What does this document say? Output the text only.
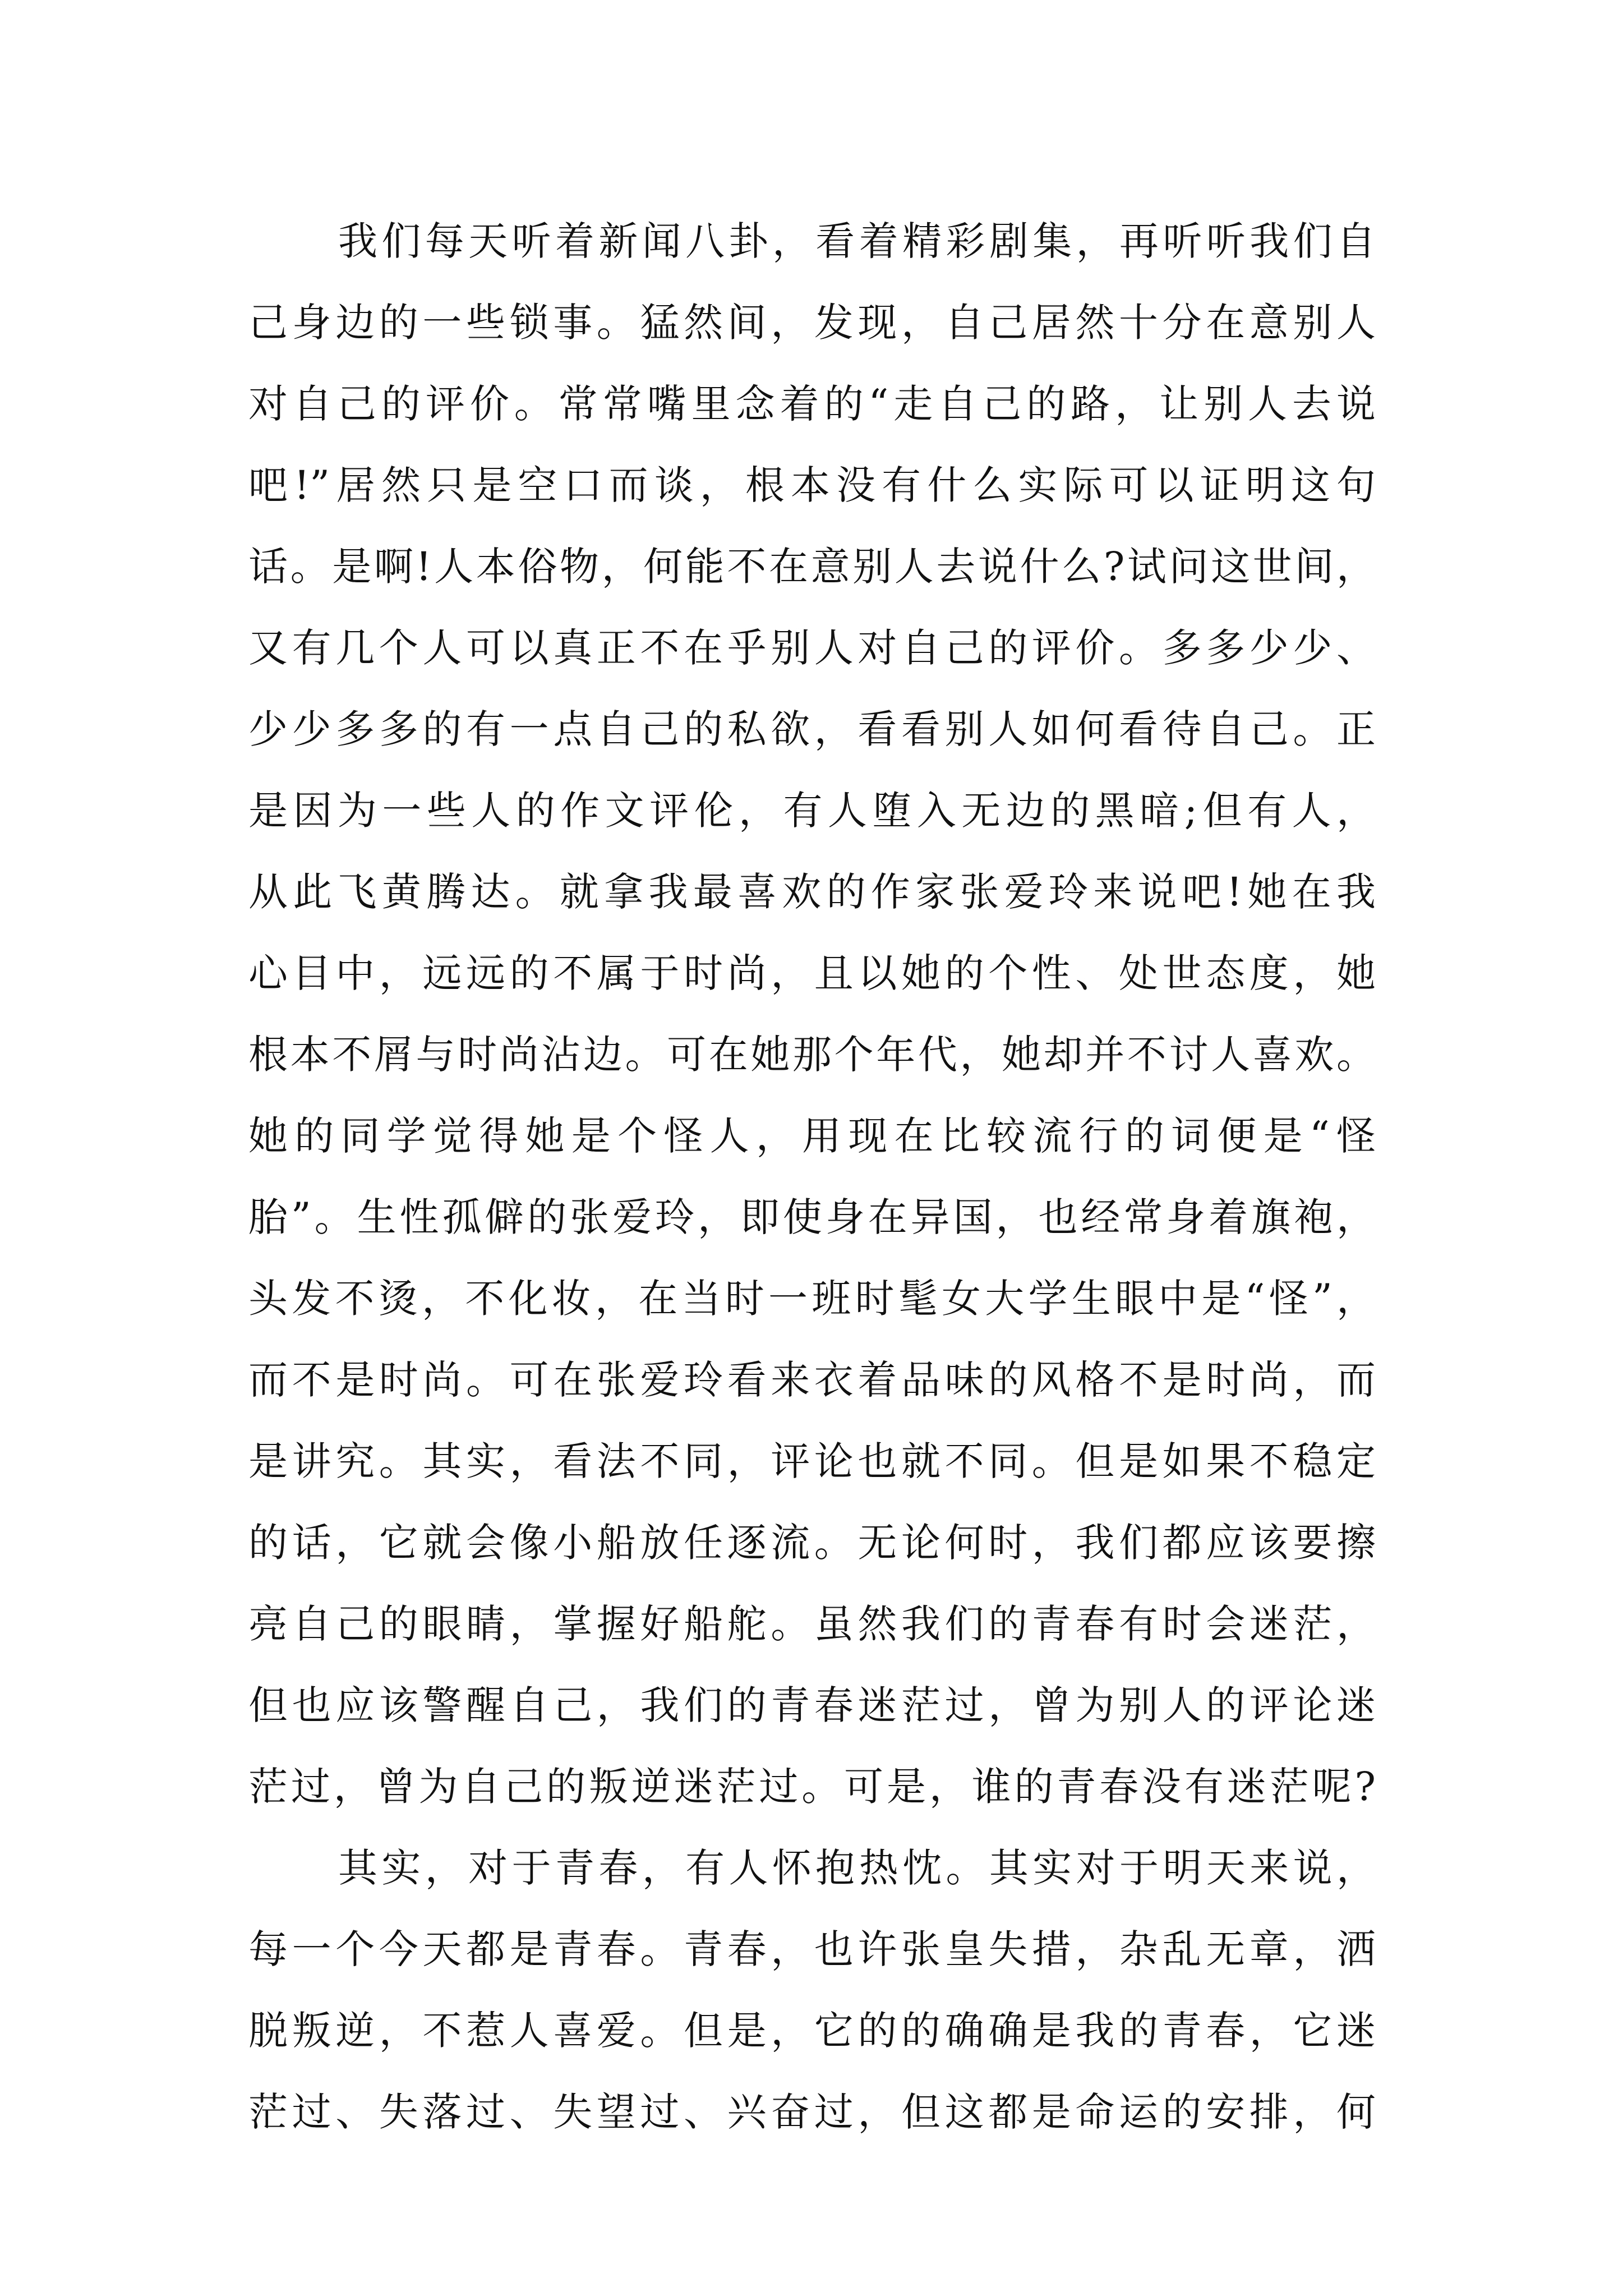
我们每天听着新闻八卦，看着精彩剧集，再听听我们自
己身边的一些锁事。猛然间，发现，自己居然十分在意别人
对自己的评价。常常嘴里念着的“走自己的路，让别人去说
吧!”居然只是空口而谈，根本没有什么实际可以证明这句
话。是啊!人本俗物，何能不在意别人去说什么?试问这世间，
又有几个人可以真正不在乎别人对自己的评价。多多少少、
少少多多的有一点自己的私欲，看看别人如何看待自己。正
是因为一些人的作文评伦，有人堕入无边的黑暗;但有人，
从此飞黄腾达。就拿我最喜欢的作家张爱玲来说吧!她在我
心目中，远远的不属于时尚，且以她的个性、处世态度，她
根本不屑与时尚沾边。可在她那个年代，她却并不讨人喜欢。
她的同学觉得她是个怪人，用现在比较流行的词便是“怪
胎”。生性孤僻的张爱玲，即使身在异国，也经常身着旗袍，
头发不烫，不化妆，在当时一班时髦女大学生眼中是“怪”，
而不是时尚。可在张爱玲看来衣着品味的风格不是时尚，而
是讲究。其实，看法不同，评论也就不同。但是如果不稳定
的话，它就会像小船放任逐流。无论何时，我们都应该要擦
亮自己的眼睛，掌握好船舵。虽然我们的青春有时会迷茫，
但也应该警醒自己，我们的青春迷茫过，曾为别人的评论迷
茫过，曾为自己的叛逆迷茫过。可是，谁的青春没有迷茫呢?
其实，对于青春，有人怀抱热忱。其实对于明天来说，
每一个今天都是青春。青春，也许张皇失措，杂乱无章，洒
脱叛逆，不惹人喜爱。但是，它的的确确是我的青春，它迷
茫过、失落过、失望过、兴奋过，但这都是命运的安排，何
